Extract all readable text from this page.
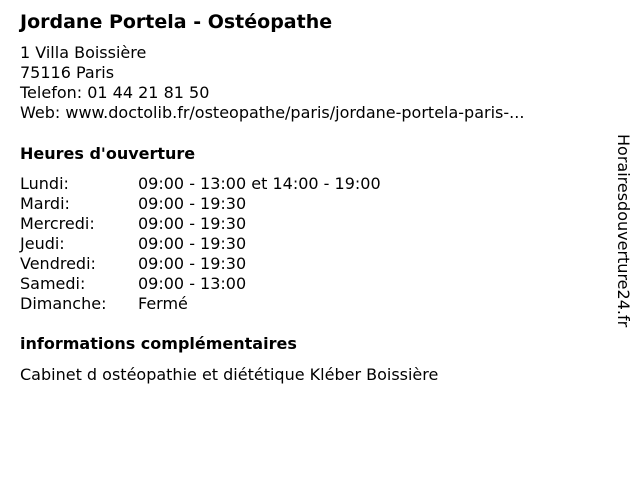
Jordane Portela - Ostéopathe
1 Villa Boissière
75116 Paris
Telefon: 01 44 21 81 50
Web: www.doctolib.fr/osteopathe/paris/jordane-portela-paris-...
Heures d'ouverture
Lundi:	09:00 - 13:00 et 14:00 - 19:00
Mardi:	09:00 - 19:30
Mercredi:	09:00 - 19:30
Jeudi:	09:00 - 19:30
Vendredi:	09:00 - 19:30
Samedi:	09:00 - 13:00
Dimanche:	Fermé
informations complémentaires
Cabinet d ostéopathie et diététique Kléber Boissière
Horairesdouverture24.fr
